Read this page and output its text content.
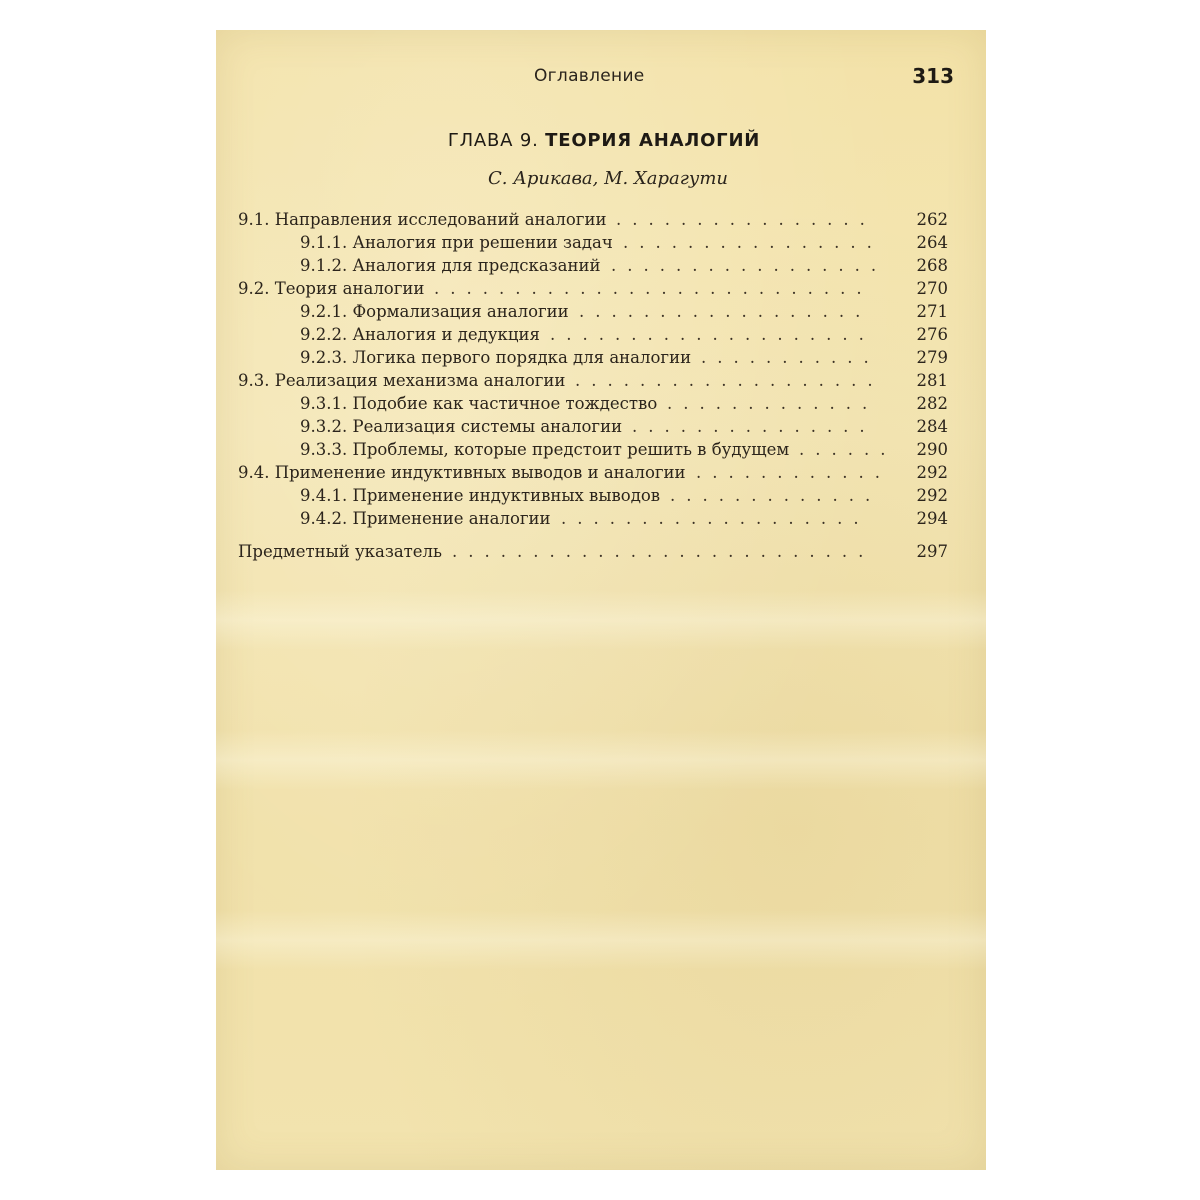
Оглавление	313
ГЛАВА 9. ТЕОРИЯ АНАЛОГИЙ
С. Арикава, М. Харагути
9.1. Направления исследований аналогии ................ 262
9.1.1. Аналогия при решении задач ................ 264
9.1.2. Аналогия для предсказаний ................. 268
9.2. Теория аналогии ...........................	270
9.2.1. Формализация аналогии ..................	271
9.2.2. Аналогия и дедукция ....................	276
9.2.3. Логика первого порядка для аналогии ........... 279
9.3. Реализация механизма аналогии ................... 281
9.3.1. Подобие как частичное тождество ............. 282
9.3.2. Реализация системы аналогии ............... 284
9.3.3. Проблемы, которые предстоит решить в будущем ...... 290
9.4. Применение индуктивных выводов и аналогии ............ 292
9.4.1. Применение индуктивных выводов ............. 292
9.4.2. Применение аналогии ...................	294
Предметный указатель ..........................	297
